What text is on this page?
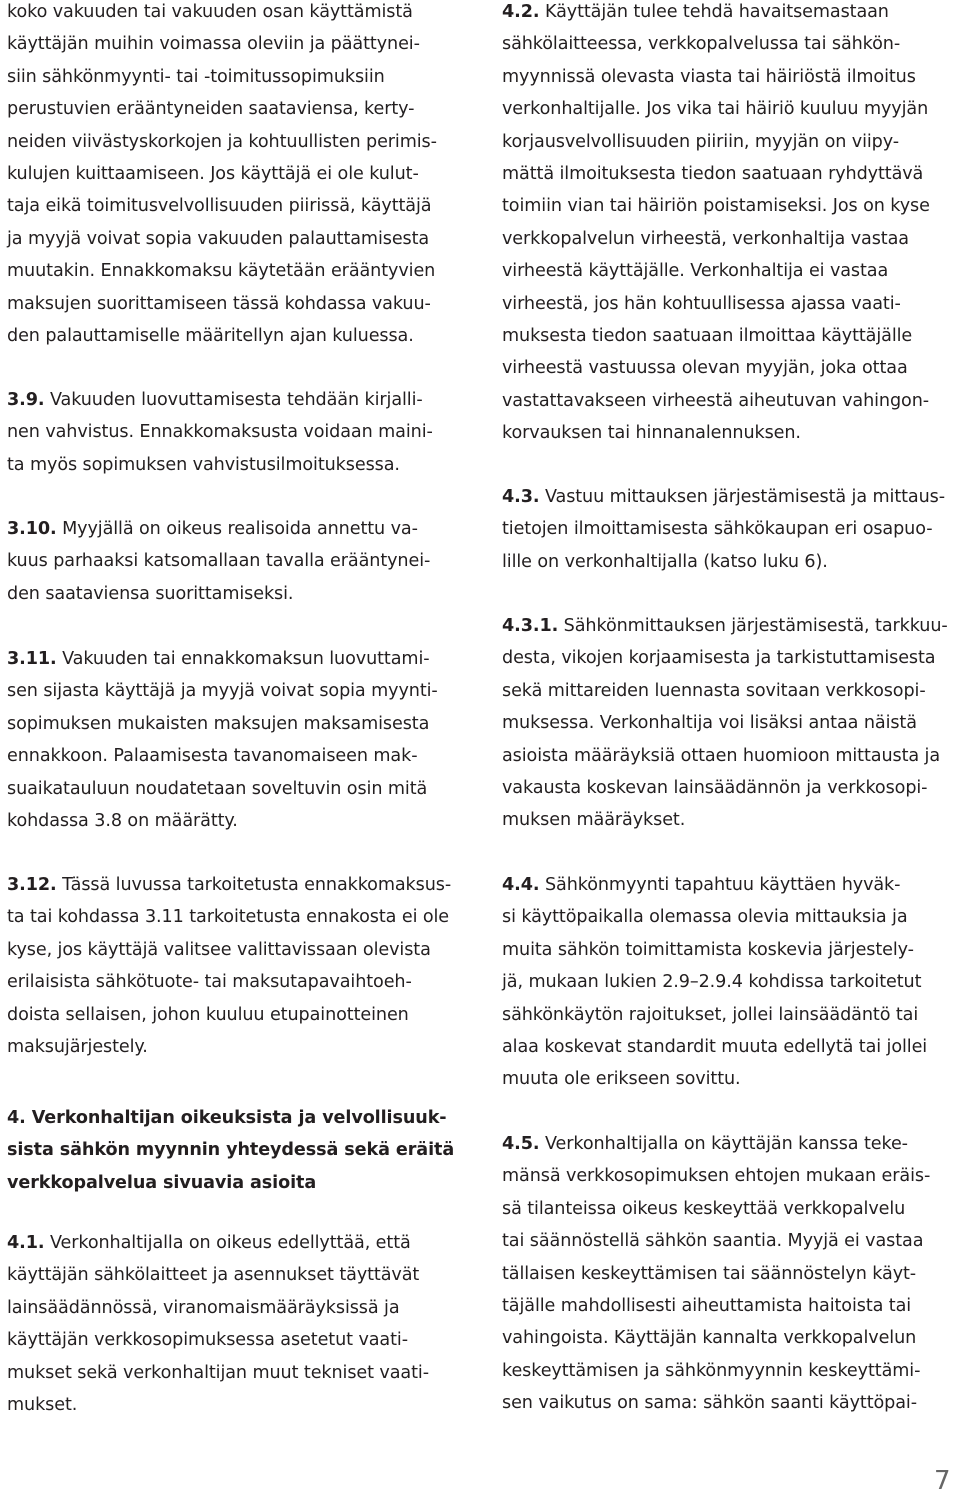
koko vakuuden tai vakuuden osan käyttämistä
käyttäjän muihin voimassa oleviin ja päättynei-
siin sähkönmyynti- tai -toimitussopimuksiin
perustuvien erääntyneiden saataviensa, kerty-
neiden viivästyskorkojen ja kohtuullisten perimis-
kulujen kuittaamiseen. Jos käyttäjä ei ole kulut-
taja eikä toimitusvelvollisuuden piirissä, käyttäjä
ja myyjä voivat sopia vakuuden palauttamisesta
muutakin. Ennakkomaksu käytetään erääntyvien
maksujen suorittamiseen tässä kohdassa vakuu-
den palauttamiselle määritellyn ajan kuluessa.
3.9. Vakuuden luovuttamisesta tehdään kirjalli-
nen vahvistus. Ennakkomaksusta voidaan maini-
ta myös sopimuksen vahvistusilmoituksessa.
3.10. Myyjällä on oikeus realisoida annettu va-
kuus parhaaksi katsomallaan tavalla erääntynei-
den saataviensa suorittamiseksi.
3.11. Vakuuden tai ennakkomaksun luovuttami-
sen sijasta käyttäjä ja myyjä voivat sopia myynti-
sopimuksen mukaisten maksujen maksamisesta
ennakkoon. Palaamisesta tavanomaiseen mak-
suaikatauluun noudatetaan soveltuvin osin mitä
kohdassa 3.8 on määrätty.
3.12. Tässä luvussa tarkoitetusta ennakkomaksus-
ta tai kohdassa 3.11 tarkoitetusta ennakosta ei ole
kyse, jos käyttäjä valitsee valittavissaan olevista
erilaisista sähkötuote- tai maksutapavaihtoeh-
doista sellaisen, johon kuuluu etupainotteinen
maksujärjestely.
4. Verkonhaltijan oikeuksista ja velvollisuuk-
sista sähkön myynnin yhteydessä sekä eräitä
verkkopalvelua sivuavia asioita
4.1. Verkonhaltijalla on oikeus edellyttää, että
käyttäjän sähkölaitteet ja asennukset täyttävät
lainsäädännössä, viranomaismääräyksissä ja
käyttäjän verkkosopimuksessa asetetut vaati-
mukset sekä verkonhaltijan muut tekniset vaati-
mukset.
4.2. Käyttäjän tulee tehdä havaitsemastaan
sähkölaitteessa, verkkopalvelussa tai sähkön-
myynnissä olevasta viasta tai häiriöstä ilmoitus
verkonhaltijalle. Jos vika tai häiriö kuuluu myyjän
korjausvelvollisuuden piiriin, myyjän on viipy-
mättä ilmoituksesta tiedon saatuaan ryhdyttävä
toimiin vian tai häiriön poistamiseksi. Jos on kyse
verkkopalvelun virheestä, verkonhaltija vastaa
virheestä käyttäjälle. Verkonhaltija ei vastaa
virheestä, jos hän kohtuullisessa ajassa vaati-
muksesta tiedon saatuaan ilmoittaa käyttäjälle
virheestä vastuussa olevan myyjän, joka ottaa
vastattavakseen virheestä aiheutuvan vahingon-
korvauksen tai hinnanalennuksen.
4.3. Vastuu mittauksen järjestämisestä ja mittaus-
tietojen ilmoittamisesta sähkökaupan eri osapuo-
lille on verkonhaltijalla (katso luku 6).
4.3.1. Sähkönmittauksen järjestämisestä, tarkkuu-
desta, vikojen korjaamisesta ja tarkistuttamisesta
sekä mittareiden luennasta sovitaan verkkosopi-
muksessa. Verkonhaltija voi lisäksi antaa näistä
asioista määräyksiä ottaen huomioon mittausta ja
vakausta koskevan lainsäädännön ja verkkosopi-
muksen määräykset.
4.4. Sähkönmyynti tapahtuu käyttäen hyväk-
si käyttöpaikalla olemassa olevia mittauksia ja
muita sähkön toimittamista koskevia järjestely-
jä, mukaan lukien 2.9–2.9.4 kohdissa tarkoitetut
sähkönkäytön rajoitukset, jollei lainsäädäntö tai
alaa koskevat standardit muuta edellytä tai jollei
muuta ole erikseen sovittu.
4.5. Verkonhaltijalla on käyttäjän kanssa teke-
mänsä verkkosopimuksen ehtojen mukaan eräis-
sä tilanteissa oikeus keskeyttää verkkopalvelu
tai säännöstellä sähkön saantia. Myyjä ei vastaa
tällaisen keskeyttämisen tai säännöstelyn käyt-
täjälle mahdollisesti aiheuttamista haitoista tai
vahingoista. Käyttäjän kannalta verkkopalvelun
keskeyttämisen ja sähkönmyynnin keskeyttämi-
sen vaikutus on sama: sähkön saanti käyttöpai-
7
